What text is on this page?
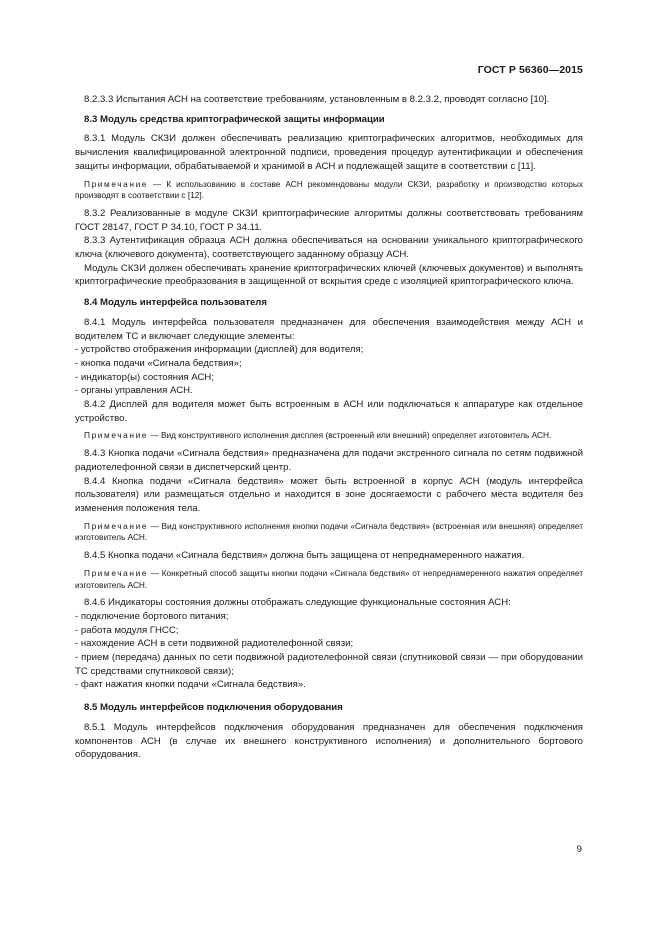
ГОСТ Р 56360—2015

8.2.3.3 Испытания АСН на соответствие требованиям, установленным в 8.2.3.2, проводят согласно [10].

8.3 Модуль средства криптографической защиты информации

8.3.1 Модуль СКЗИ должен обеспечивать реализацию криптографических алгоритмов, необходимых для вычисления квалифицированной электронной подписи, проведения процедур аутентификации и обеспечения защиты информации, обрабатываемой и хранимой в АСН и подлежащей защите в соответствии с [11].

Примечание — К использованию в составе АСН рекомендованы модули СКЗИ, разработку и производство которых производят в соответствии с [12].

8.3.2 Реализованные в модуле СКЗИ криптографические алгоритмы должны соответствовать требованиям ГОСТ 28147, ГОСТ Р 34.10, ГОСТ Р 34.11.

8.3.3 Аутентификация образца АСН должна обеспечиваться на основании уникального криптографического ключа (ключевого документа), соответствующего заданному образцу АСН.

Модуль СКЗИ должен обеспечивать хранение криптографических ключей (ключевых документов) и выполнять криптографические преобразования в защищенной от вскрытия среде с изоляцией криптографического ключа.

8.4 Модуль интерфейса пользователя

8.4.1 Модуль интерфейса пользователя предназначен для обеспечения взаимодействия между АСН и водителем ТС и включает следующие элементы:

- устройство отображения информации (дисплей) для водителя;

- кнопка подачи «Сигнала бедствия»;

- индикатор(ы) состояния АСН;

- органы управления АСН.

8.4.2 Дисплей для водителя может быть встроенным в АСН или подключаться к аппаратуре как отдельное устройство.

Примечание — Вид конструктивного исполнения дисплея (встроенный или внешний) определяет изготовитель АСН.

8.4.3 Кнопка подачи «Сигнала бедствия» предназначена для подачи экстренного сигнала по сетям подвижной радиотелефонной связи в диспетчерский центр.

8.4.4 Кнопка подачи «Сигнала бедствия» может быть встроенной в корпус АСН (модуль интерфейса пользователя) или размещаться отдельно и находится в зоне досягаемости с рабочего места водителя без изменения положения тела.

Примечание — Вид конструктивного исполнения кнопки подачи «Сигнала бедствия» (встроенная или внешняя) определяет изготовитель АСН.

8.4.5 Кнопка подачи «Сигнала бедствия» должна быть защищена от непреднамеренного нажатия.

Примечание — Конкретный способ защиты кнопки подачи «Сигнала бедствия» от непреднамеренного нажатия определяет изготовитель АСН.

8.4.6 Индикаторы состояния должны отображать следующие функциональные состояния АСН:

- подключение бортового питания;

- работа модуля ГНСС;

- нахождение АСН в сети подвижной радиотелефонной связи;

- прием (передача) данных по сети подвижной радиотелефонной связи (спутниковой связи — при оборудовании ТС средствами спутниковой связи);

- факт нажатия кнопки подачи «Сигнала бедствия».

8.5 Модуль интерфейсов подключения оборудования

8.5.1 Модуль интерфейсов подключения оборудования предназначен для обеспечения подключения компонентов АСН (в случае их внешнего конструктивного исполнения) и дополнительного бортового оборудования.

9
